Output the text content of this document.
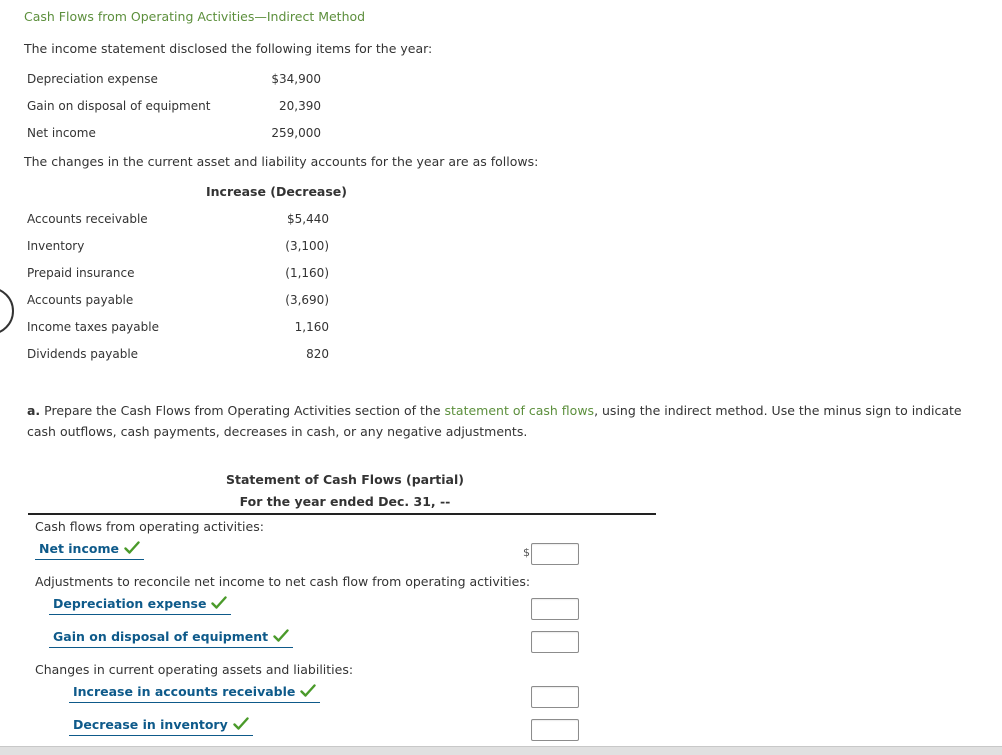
Cash Flows from Operating Activities—Indirect Method
The income statement disclosed the following items for the year:
Depreciation expense	$34,900
Gain on disposal of equipment	20,390
Net income	259,000
The changes in the current asset and liability accounts for the year are as follows:
Increase (Decrease)
Accounts receivable	$5,440
Inventory	(3,100)
Prepaid insurance	(1,160)
Accounts payable	(3,690)
Income taxes payable	1,160
Dividends payable	820
a. Prepare the Cash Flows from Operating Activities section of the statement of cash flows, using the indirect method. Use the minus sign to indicate cash outflows, cash payments, decreases in cash, or any negative adjustments.
Statement of Cash Flows (partial)
For the year ended Dec. 31, --
Cash flows from operating activities:
Net income	$
Adjustments to reconcile net income to net cash flow from operating activities:
Depreciation expense
Gain on disposal of equipment
Changes in current operating assets and liabilities:
Increase in accounts receivable
Decrease in inventory
